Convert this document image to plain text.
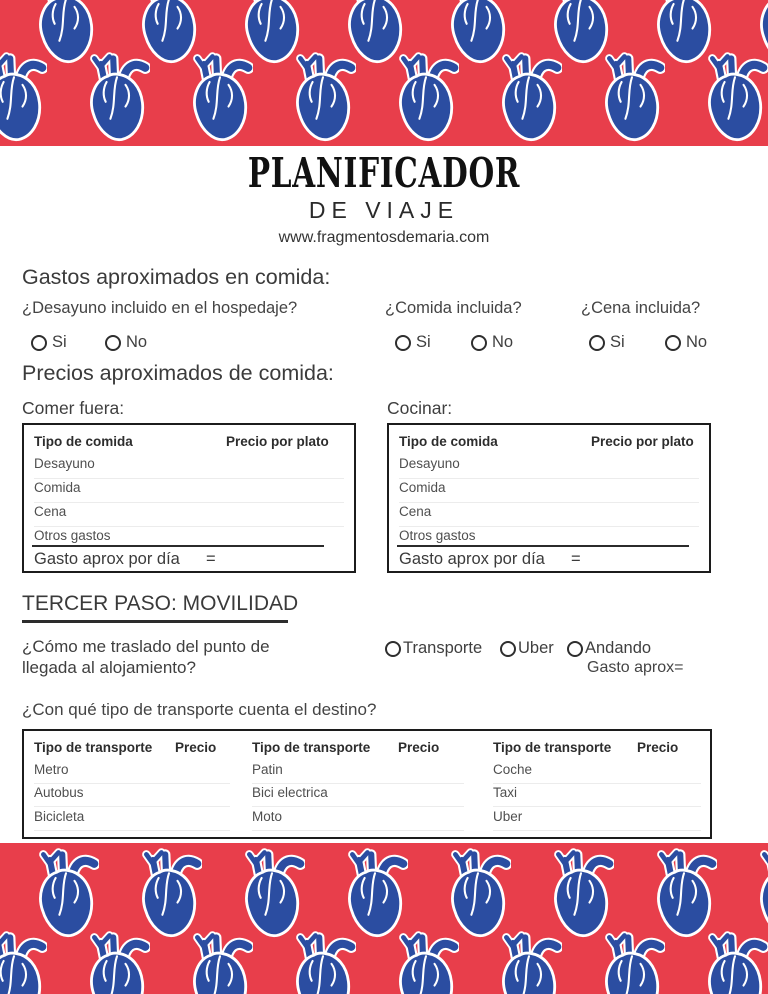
PLANIFICADOR
DE VIAJE
www.fragmentosdemaria.com
Gastos aproximados en comida:
¿Desayuno incluido en el hospedaje?
Si	No
¿Comida incluida?
Si	No
¿Cena incluida?
Si	No
Precios aproximados de comida:
Comer fuera:	Cocinar:
Tipo de comida	Precio por plato
Desayuno
Comida
Cena
Otros gastos
Gasto aprox por día =
Tipo de comida	Precio por plato
Desayuno
Comida
Cena
Otros gastos
Gasto aprox por día =
TERCER PASO: MOVILIDAD
¿Cómo me traslado del punto de llegada al alojamiento?
Transporte Uber Andando
Gasto aprox=
¿Con qué tipo de transporte cuenta el destino?
Tipo de transporte Precio
Metro
Autobus
Bicicleta
Tipo de transporte Precio
Patin
Bici electrica
Moto
Tipo de transporte Precio
Coche
Taxi
Uber
